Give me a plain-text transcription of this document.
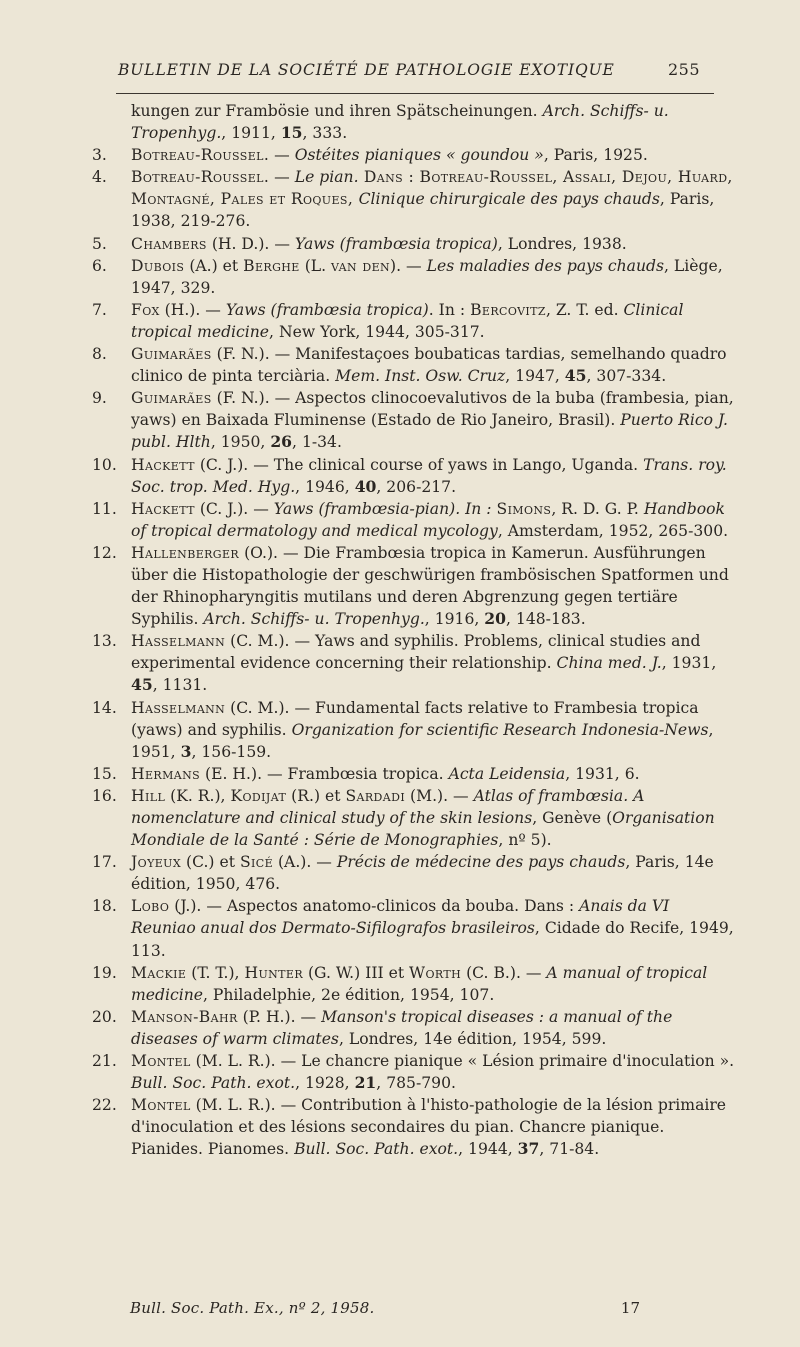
BULLETIN DE LA SOCIÉTÉ DE PATHOLOGIE EXOTIQUE	255
kungen zur Frambösie und ihren Spätscheinungen. Arch. Schiffs- u. Tropenhyg., 1911, 15, 333.
3.	Botreau-Roussel. — Ostéites pianiques « goundou », Paris, 1925.
4.	Botreau-Roussel. — Le pian. Dans : Botreau-Roussel, Assali, Dejou, Huard, Montagné, Pales et Roques, Clinique chirurgicale des pays chauds, Paris, 1938, 219-276.
5.	Chambers (H. D.). — Yaws (frambœsia tropica), Londres, 1938.
6.	Dubois (A.) et Berghe (L. van den). — Les maladies des pays chauds, Liège, 1947, 329.
7.	Fox (H.). — Yaws (frambœsia tropica). In : Bercovitz, Z. T. ed. Clinical tropical medicine, New York, 1944, 305-317.
8.	Guimarães (F. N.). — Manifestaçoes boubaticas tardias, semelhando quadro clinico de pinta terciària. Mem. Inst. Osw. Cruz, 1947, 45, 307-334.
9.	Guimarães (F. N.). — Aspectos clinocoevalutivos de la buba (frambesia, pian, yaws) en Baixada Fluminense (Estado de Rio Janeiro, Brasil). Puerto Rico J. publ. Hlth, 1950, 26, 1-34.
10. Hackett (C. J.). — The clinical course of yaws in Lango, Uganda. Trans. roy. Soc. trop. Med. Hyg., 1946, 40, 206-217.
11. Hackett (C. J.). — Yaws (frambœsia-pian). In : Simons, R. D. G. P. Handbook of tropical dermatology and medical mycology, Amsterdam, 1952, 265-300.
12. Hallenberger (O.). — Die Frambœsia tropica in Kamerun. Ausführungen über die Histopathologie der geschwürigen frambösischen Spatformen und der Rhinopharyngitis mutilans und deren Abgrenzung gegen tertiäre Syphilis. Arch. Schiffs- u. Tropenhyg., 1916, 20, 148-183.
13. Hasselmann (C. M.). — Yaws and syphilis. Problems, clinical studies and experimental evidence concerning their relationship. China med. J., 1931, 45, 1131.
14. Hasselmann (C. M.). — Fundamental facts relative to Frambesia tropica (yaws) and syphilis. Organization for scientific Research Indonesia-News, 1951, 3, 156-159.
15. Hermans (E. H.). — Frambœsia tropica. Acta Leidensia, 1931, 6.
16. Hill (K. R.), Kodijat (R.) et Sardadi (M.). — Atlas of frambœsia. A nomenclature and clinical study of the skin lesions, Genève (Organisation Mondiale de la Santé : Série de Monographies, nº 5).
17. Joyeux (C.) et Sicé (A.). — Précis de médecine des pays chauds, Paris, 14e édition, 1950, 476.
18. Lobo (J.). — Aspectos anatomo-clinicos da bouba. Dans : Anais da VI Reuniao anual dos Dermato-Sifilografos brasileiros, Cidade do Recife, 1949, 113.
19. Mackie (T. T.), Hunter (G. W.) III et Worth (C. B.). — A manual of tropical medicine, Philadelphie, 2e édition, 1954, 107.
20. Manson-Bahr (P. H.). — Manson's tropical diseases : a manual of the diseases of warm climates, Londres, 14e édition, 1954, 599.
21. Montel (M. L. R.). — Le chancre pianique « Lésion primaire d'inoculation ». Bull. Soc. Path. exot., 1928, 21, 785-790.
22. Montel (M. L. R.). — Contribution à l'histo-pathologie de la lésion primaire d'inoculation et des lésions secondaires du pian. Chancre pianique. Pianides. Pianomes. Bull. Soc. Path. exot., 1944, 37, 71-84.
Bull. Soc. Path. Ex., nº 2, 1958.	17
